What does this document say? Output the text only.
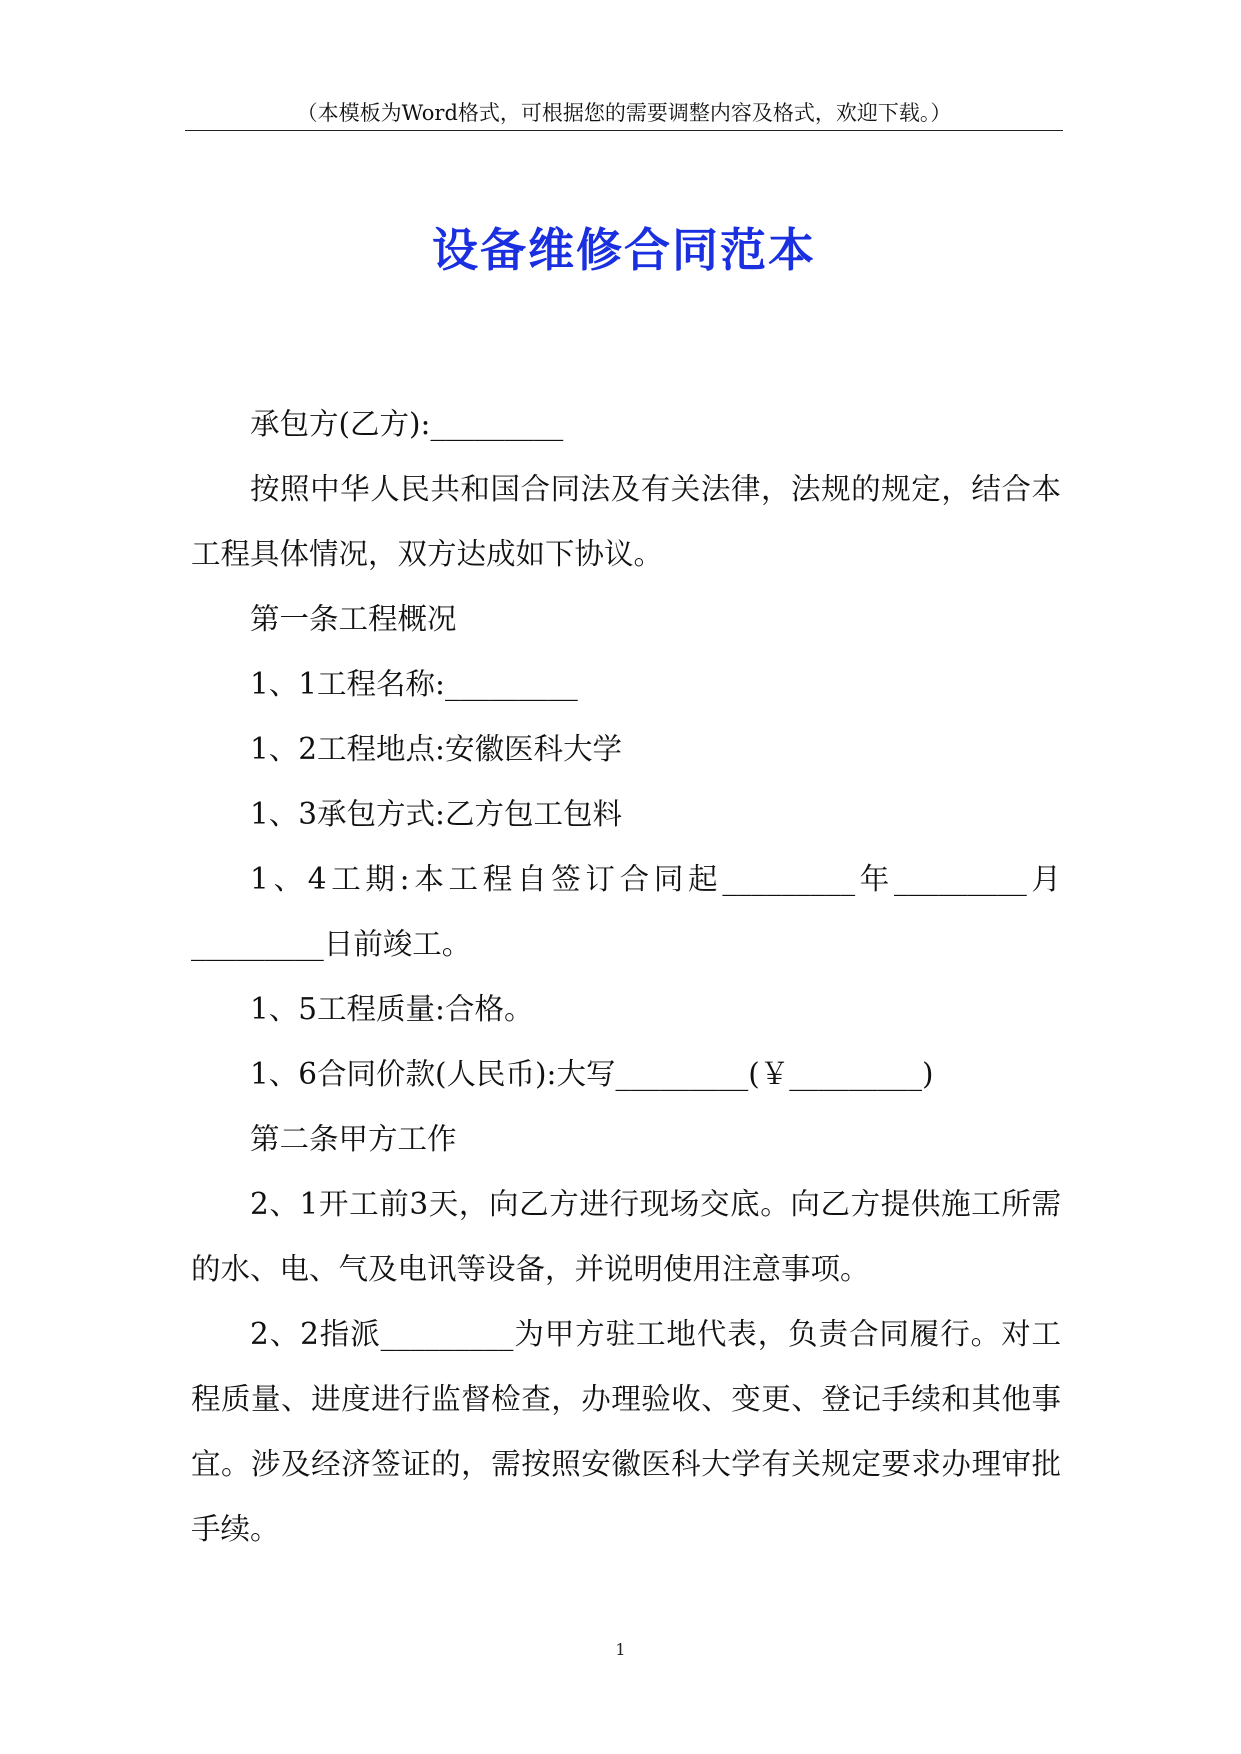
（本模板为Word格式，可根据您的需要调整内容及格式，欢迎下载。）
设备维修合同范本

承包方(乙方):_________

按照中华人民共和国合同法及有关法律，法规的规定，结合本工程具体情况，双方达成如下协议。

第一条工程概况

1、1工程名称:_________

1、2工程地点:安徽医科大学

1、3承包方式:乙方包工包料

1、4工期:本工程自签订合同起_________年_________月_________日前竣工。

1、5工程质量:合格。

1、6合同价款(人民币):大写_________(￥_________)

第二条甲方工作

2、1开工前3天，向乙方进行现场交底。向乙方提供施工所需的水、电、气及电讯等设备，并说明使用注意事项。

2、2指派_________为甲方驻工地代表，负责合同履行。对工程质量、进度进行监督检查，办理验收、变更、登记手续和其他事宜。涉及经济签证的，需按照安徽医科大学有关规定要求办理审批手续。

1
